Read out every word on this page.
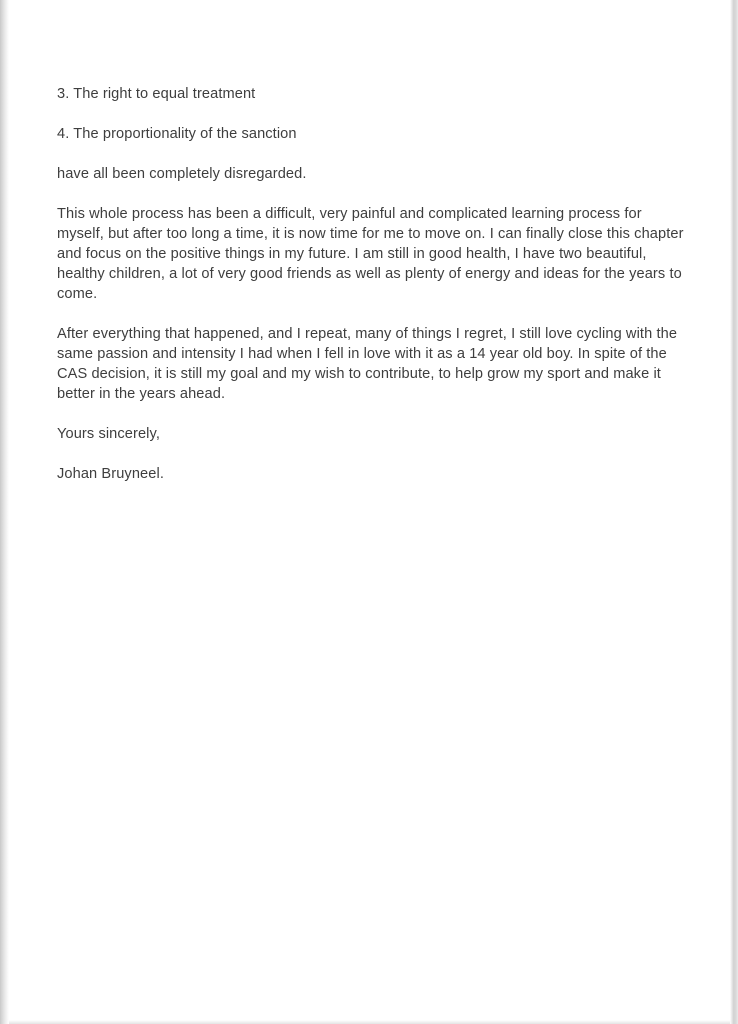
3. The right to equal treatment

4. The proportionality of the sanction

have all been completely disregarded.

This whole process has been a difficult, very painful and complicated learning process for myself, but after too long a time, it is now time for me to move on. I can finally close this chapter and focus on the positive things in my future. I am still in good health, I have two beautiful, healthy children, a lot of very good friends as well as plenty of energy and ideas for the years to come.

After everything that happened, and I repeat, many of things I regret, I still love cycling with the same passion and intensity I had when I fell in love with it as a 14 year old boy. In spite of the CAS decision, it is still my goal and my wish to contribute, to help grow my sport and make it better in the years ahead.

Yours sincerely,

Johan Bruyneel.
